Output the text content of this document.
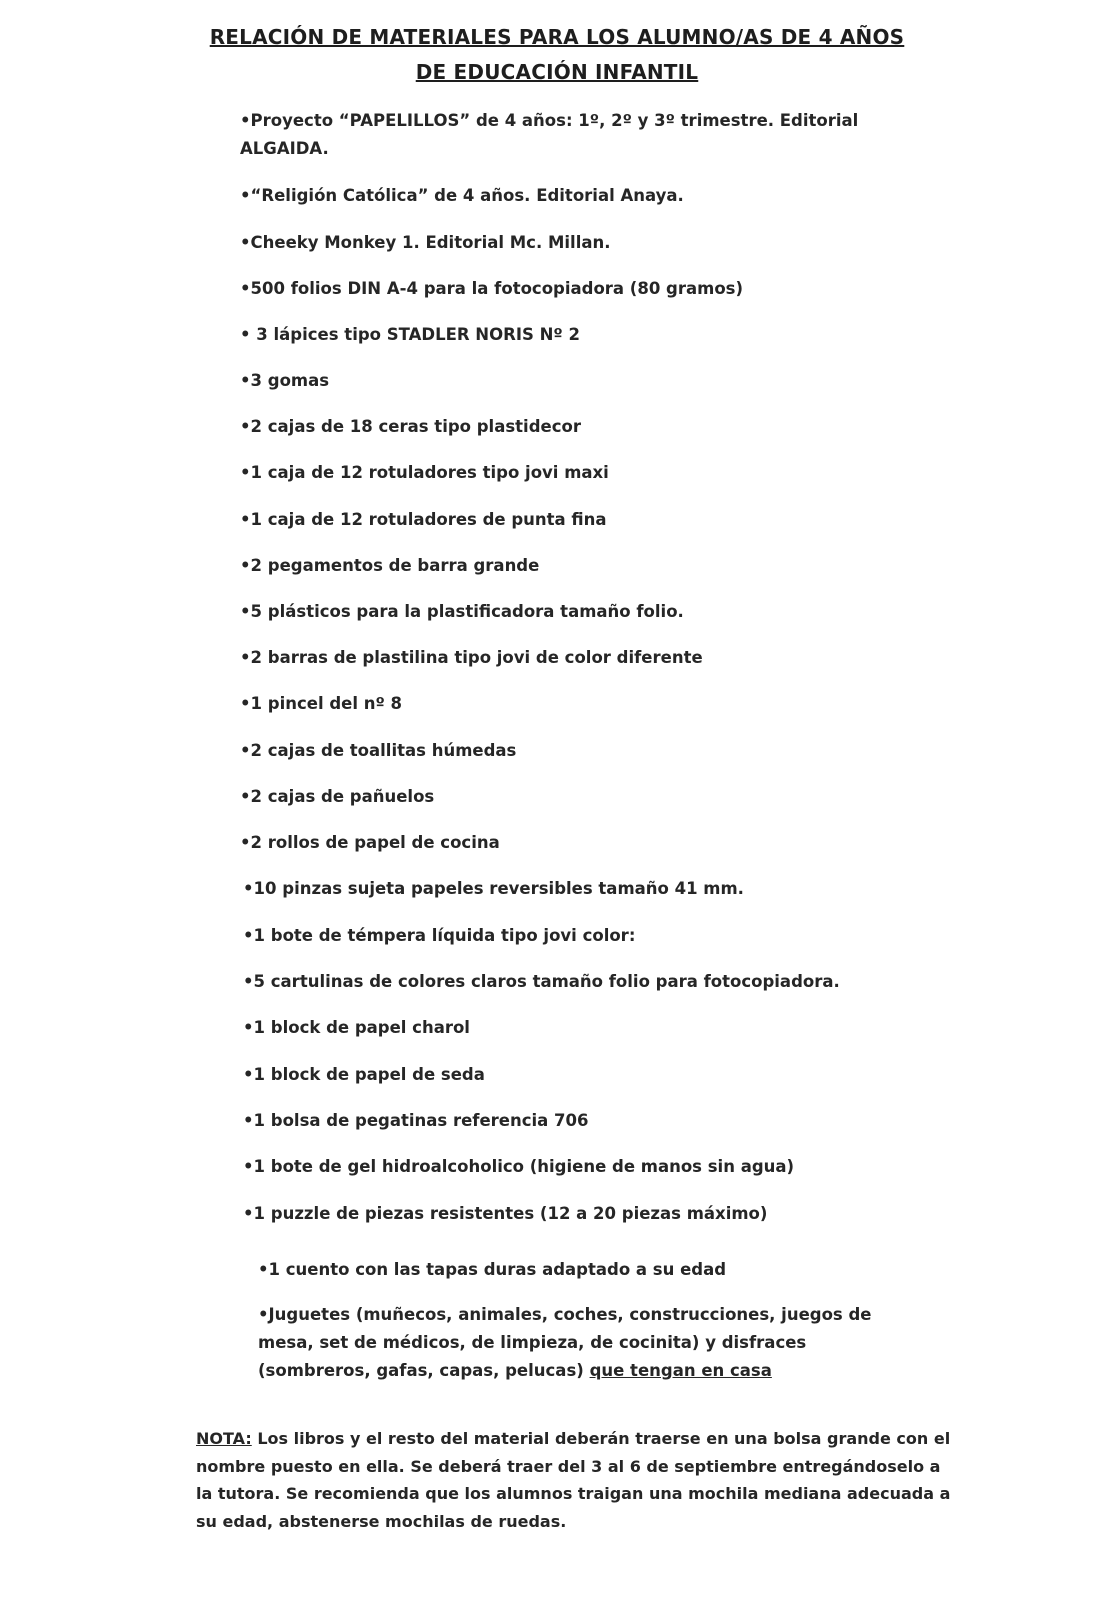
RELACIÓN DE MATERIALES PARA LOS ALUMNO/AS DE 4 AÑOS
DE EDUCACIÓN INFANTIL
•Proyecto “PAPELILLOS” de 4 años: 1º, 2º y 3º trimestre. Editorial ALGAIDA.
•“Religión Católica” de 4 años. Editorial Anaya.
•Cheeky Monkey 1. Editorial Mc. Millan.
•500 folios DIN A-4 para la fotocopiadora (80 gramos)
• 3 lápices tipo STADLER NORIS Nº 2
•3 gomas
•2 cajas de 18 ceras tipo plastidecor
•1 caja de 12 rotuladores tipo jovi maxi
•1 caja de 12 rotuladores de punta fina
•2 pegamentos de barra grande
•5 plásticos para la plastificadora tamaño folio.
•2 barras de plastilina tipo jovi de color diferente
•1 pincel del nº 8
•2 cajas de toallitas húmedas
•2 cajas de pañuelos
•2 rollos de papel de cocina
•10 pinzas sujeta papeles reversibles tamaño 41 mm.
•1 bote de témpera líquida tipo jovi color:
•5 cartulinas de colores claros tamaño folio para fotocopiadora.
•1 block de papel charol
•1 block de papel de seda
•1 bolsa de pegatinas referencia 706
•1 bote de gel hidroalcoholico (higiene de manos sin agua)
•1 puzzle de piezas resistentes (12 a 20 piezas máximo)
•1 cuento con las tapas duras adaptado a su edad
•Juguetes (muñecos, animales, coches, construcciones, juegos de mesa, set de médicos, de limpieza, de cocinita) y disfraces (sombreros, gafas, capas, pelucas) que tengan en casa
NOTA: Los libros y el resto del material deberán traerse en una bolsa grande con el nombre puesto en ella. Se deberá traer del 3 al 6 de septiembre entregándoselo a la tutora. Se recomienda que los alumnos traigan una mochila mediana adecuada a su edad, abstenerse mochilas de ruedas.
